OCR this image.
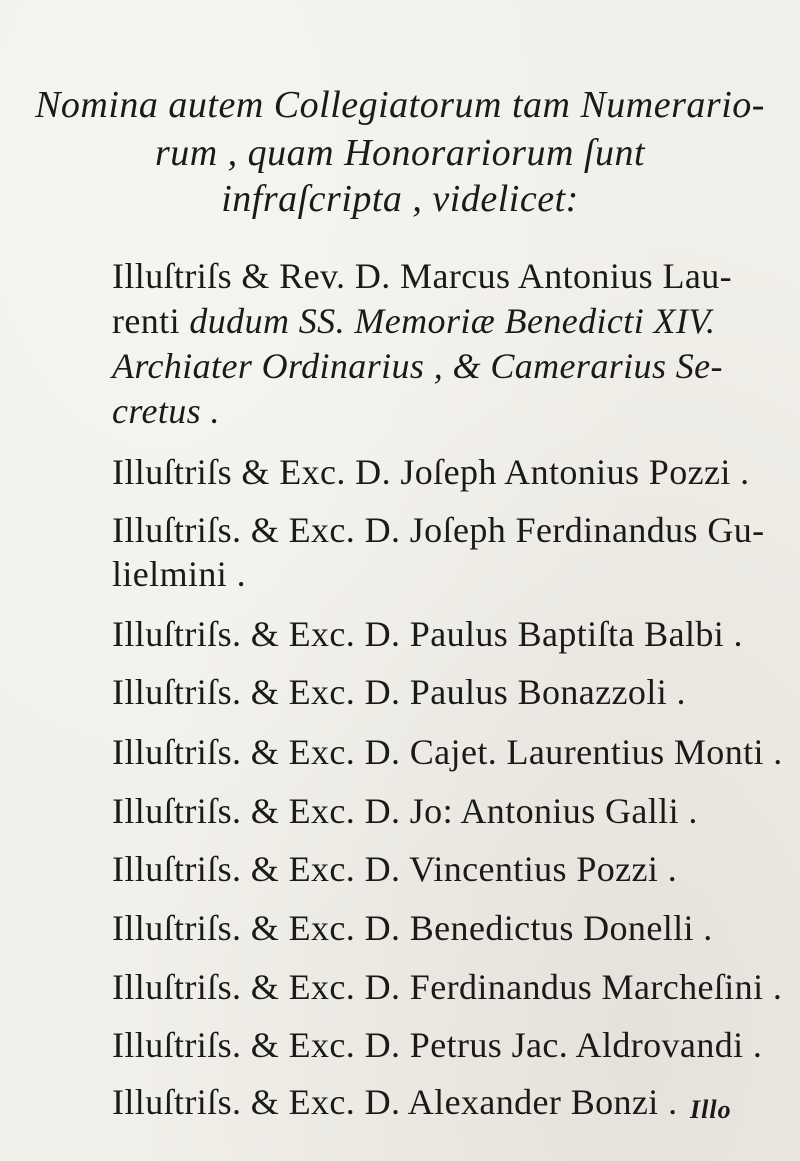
Nomina autem Collegiatorum tam Numerario-
rum , quam Honorariorum ſunt
infraſcripta , videlicet:
Illuſtriſs & Rev. D. Marcus Antonius Lau-
renti dudum SS. Memoriæ Benedicti XIV.
Archiater Ordinarius , & Camerarius Se-
cretus .
Illuſtriſs & Exc. D. Joſeph Antonius Pozzi .
Illuſtriſs. & Exc. D. Joſeph Ferdinandus Gu-
lielmini .
Illuſtriſs. & Exc. D. Paulus Baptiſta Balbi .
Illuſtriſs. & Exc. D. Paulus Bonazzoli .
Illuſtriſs. & Exc. D. Cajet. Laurentius Monti .
Illuſtriſs. & Exc. D. Jo: Antonius Galli .
Illuſtriſs. & Exc. D. Vincentius Pozzi .
Illuſtriſs. & Exc. D. Benedictus Donelli .
Illuſtriſs. & Exc. D. Ferdinandus Marcheſini .
Illuſtriſs. & Exc. D. Petrus Jac. Aldrovandi .
Illuſtriſs. & Exc. D. Alexander Bonzi . Illo
